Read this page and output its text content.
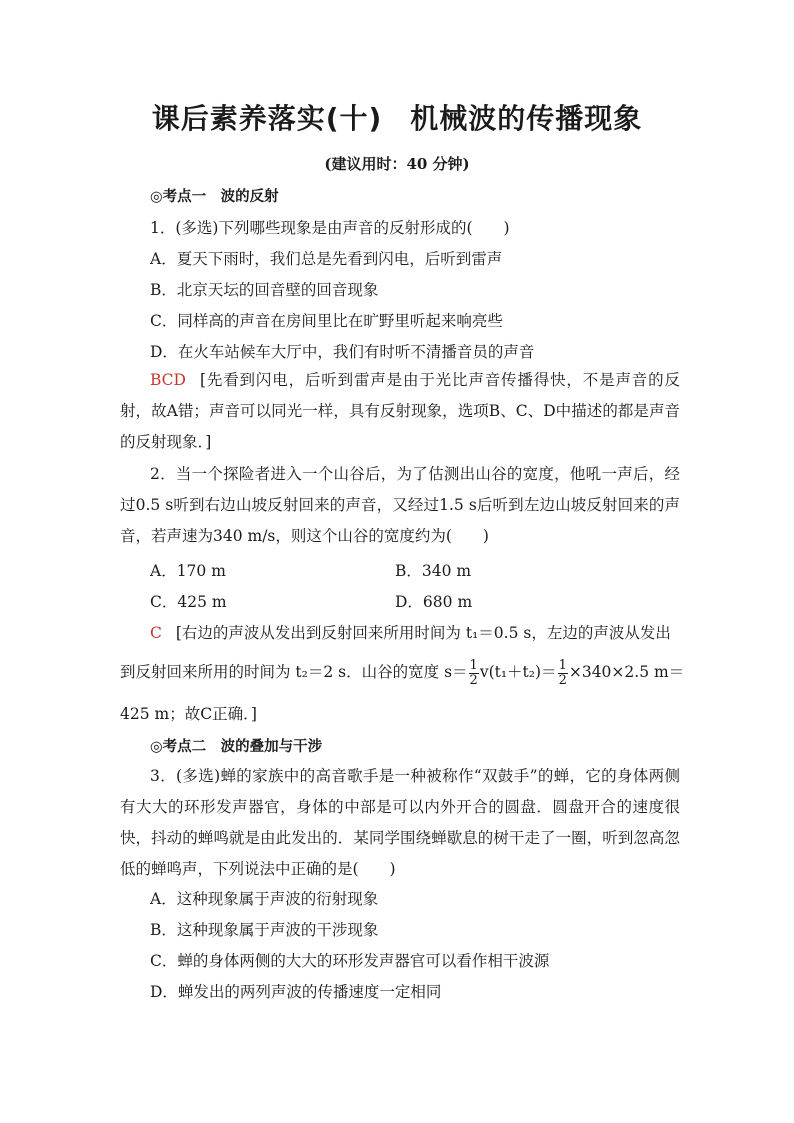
课后素养落实(十) 机械波的传播现象
(建议用时：40 分钟)
◎考点一　波的反射
1．(多选)下列哪些现象是由声音的反射形成的(　　)
A．夏天下雨时，我们总是先看到闪电，后听到雷声
B．北京天坛的回音壁的回音现象
C．同样高的声音在房间里比在旷野里听起来响亮些
D．在火车站候车大厅中，我们有时听不清播音员的声音
BCD [先看到闪电，后听到雷声是由于光比声音传播得快，不是声音的反射，故A错；声音可以同光一样，具有反射现象，选项B、C、D中描述的都是声音的反射现象．]
2．当一个探险者进入一个山谷后，为了估测出山谷的宽度，他吼一声后，经过0.5 s听到右边山坡反射回来的声音，又经过1.5 s后听到左边山坡反射回来的声音，若声速为340 m/s，则这个山谷的宽度约为(　　)
A．170 m	B．340 m
C．425 m	D．680 m
C [右边的声波从发出到反射回来所用时间为 t₁＝0.5 s，左边的声波从发出
到反射回来所用的时间为 t₂＝2 s．山谷的宽度 $s= \frac{1}{2} v(t_1+t_2)= \frac{1}{2} \times 340\times 2.5$ m＝
425 m；故C正确．]
◎考点二　波的叠加与干涉
3．(多选)蝉的家族中的高音歌手是一种被称作“双鼓手”的蝉，它的身体两侧有大大的环形发声器官，身体的中部是可以内外开合的圆盘．圆盘开合的速度很快，抖动的蝉鸣就是由此发出的．某同学围绕蝉歇息的树干走了一圈，听到忽高忽低的蝉鸣声，下列说法中正确的是(　　)
A．这种现象属于声波的衍射现象
B．这种现象属于声波的干涉现象
C．蝉的身体两侧的大大的环形发声器官可以看作相干波源
D．蝉发出的两列声波的传播速度一定相同
